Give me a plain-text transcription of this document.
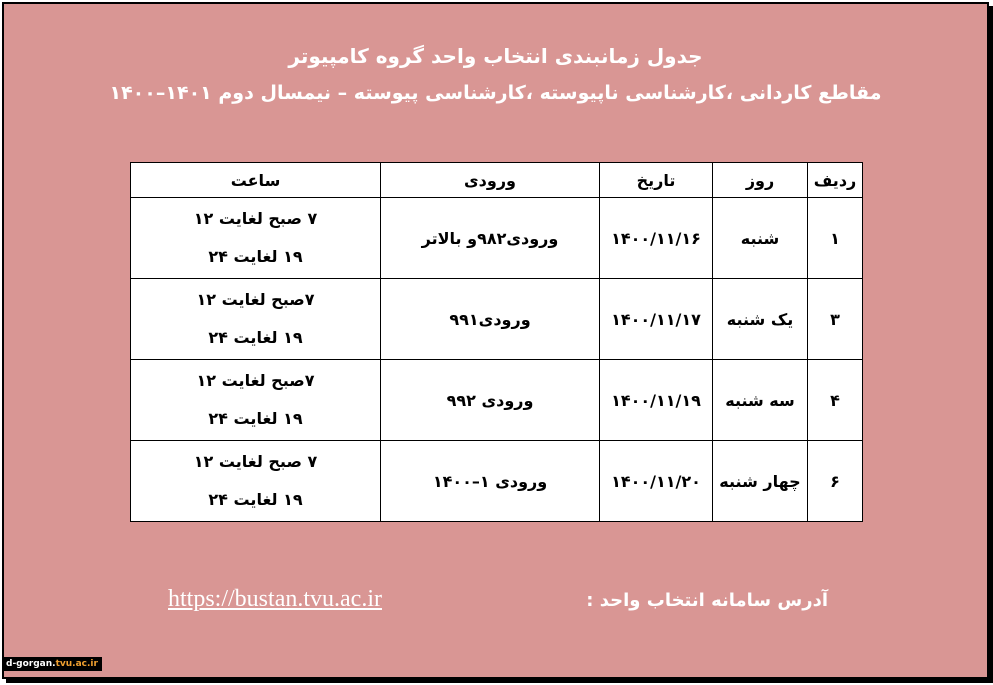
جدول زمانبندی انتخاب واحد گروه کامپیوتر
مقاطع کاردانی ،کارشناسی ناپیوسته ،کارشناسی پیوسته – نیمسال دوم ۱۴۰۱–۱۴۰۰
ردیف	روز	تاریخ	ورودی	ساعت
۱	شنبه	۱۴۰۰/۱۱/۱۶	ورودی۹۸۲و بالاتر	۷ صبح لغایت ۱۲
۱۹ لغایت ۲۴

۳	یک شنبه	۱۴۰۰/۱۱/۱۷	ورودی۹۹۱	۷صبح لغایت ۱۲
۱۹ لغایت ۲۴

۴	سه شنبه	۱۴۰۰/۱۱/۱۹	ورودی ۹۹۲	۷صبح لغایت ۱۲
۱۹ لغایت ۲۴

۶	چهار شنبه	۱۴۰۰/۱۱/۲۰	ورودی ۱–۱۴۰۰	۷ صبح لغایت ۱۲
۱۹ لغایت ۲۴
آدرس سامانه انتخاب واحد :
https://bustan.tvu.ac.ir
d-gorgan.tvu.ac.ir
